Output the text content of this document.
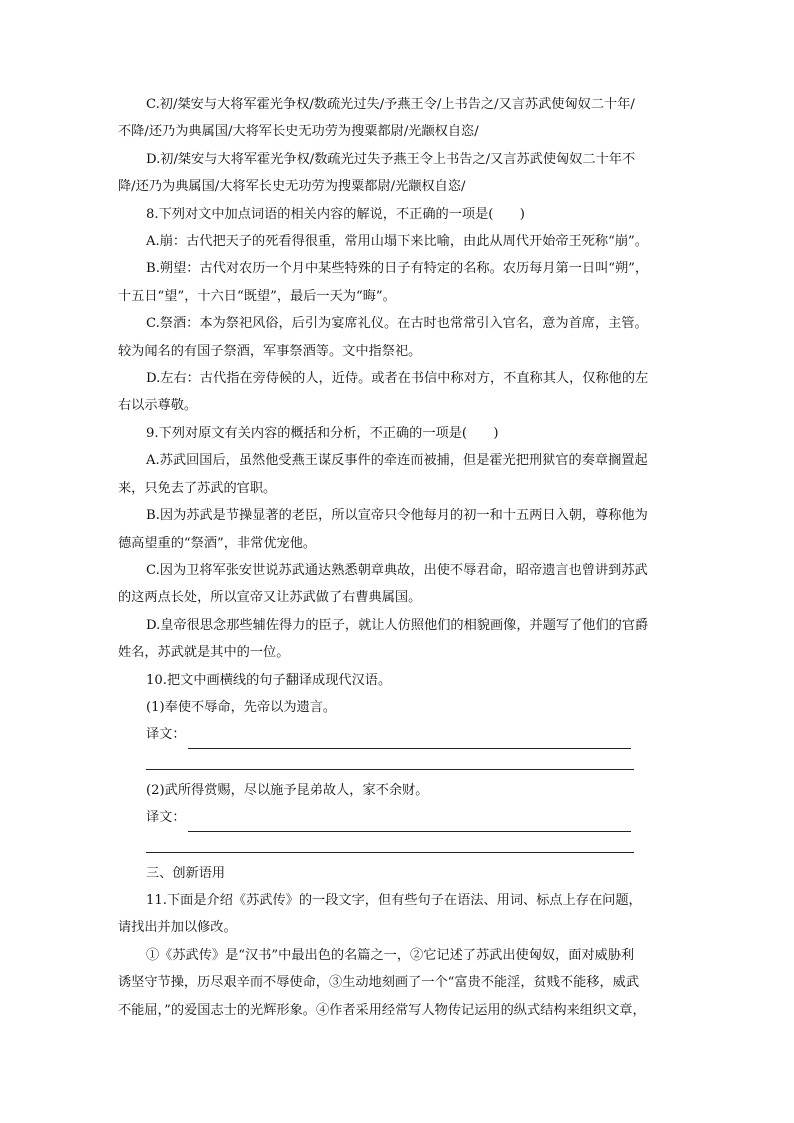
C.初/桀安与大将军霍光争权/数疏光过失/予燕王令/上书告之/又言苏武使匈奴二十年/
不降/还乃为典属国/大将军长史无功劳为搜粟都尉/光颛权自恣/
D.初/桀安与大将军霍光争权/数疏光过失予燕王令上书告之/又言苏武使匈奴二十年不
降/还乃为典属国/大将军长史无功劳为搜粟都尉/光颛权自恣/
8.下列对文中加点词语的相关内容的解说，不正确的一项是(　　)
A.崩：古代把天子的死看得很重，常用山塌下来比喻，由此从周代开始帝王死称“崩”。
B.朔望：古代对农历一个月中某些特殊的日子有特定的名称。农历每月第一日叫“朔”，
十五日“望”，十六日“既望”，最后一天为“晦”。
C.祭酒：本为祭祀风俗，后引为宴席礼仪。在古时也常常引入官名，意为首席，主管。
较为闻名的有国子祭酒，军事祭酒等。文中指祭祀。
D.左右：古代指在旁侍候的人，近侍。或者在书信中称对方，不直称其人，仅称他的左
右以示尊敬。
9.下列对原文有关内容的概括和分析，不正确的一项是(　　)
A.苏武回国后，虽然他受燕王谋反事件的牵连而被捕，但是霍光把刑狱官的奏章搁置起
来，只免去了苏武的官职。
B.因为苏武是节操显著的老臣，所以宣帝只令他每月的初一和十五两日入朝，尊称他为
德高望重的“祭酒”，非常优宠他。
C.因为卫将军张安世说苏武通达熟悉朝章典故，出使不辱君命，昭帝遗言也曾讲到苏武
的这两点长处，所以宣帝又让苏武做了右曹典属国。
D.皇帝很思念那些辅佐得力的臣子，就让人仿照他们的相貌画像，并题写了他们的官爵
姓名，苏武就是其中的一位。
10.把文中画横线的句子翻译成现代汉语。
(1)奉使不辱命，先帝以为遗言。
译文：
(2)武所得赏赐，尽以施予昆弟故人，家不余财。
译文：
三、创新语用
11.下面是介绍《苏武传》的一段文字，但有些句子在语法、用词、标点上存在问题，
请找出并加以修改。
①《苏武传》是“汉书”中最出色的名篇之一，②它记述了苏武出使匈奴，面对威胁利
诱坚守节操，历尽艰辛而不辱使命，③生动地刻画了一个“富贵不能淫，贫贱不能移，威武
不能屈，”的爱国志士的光辉形象。④作者采用经常写人物传记运用的纵式结构来组织文章，
